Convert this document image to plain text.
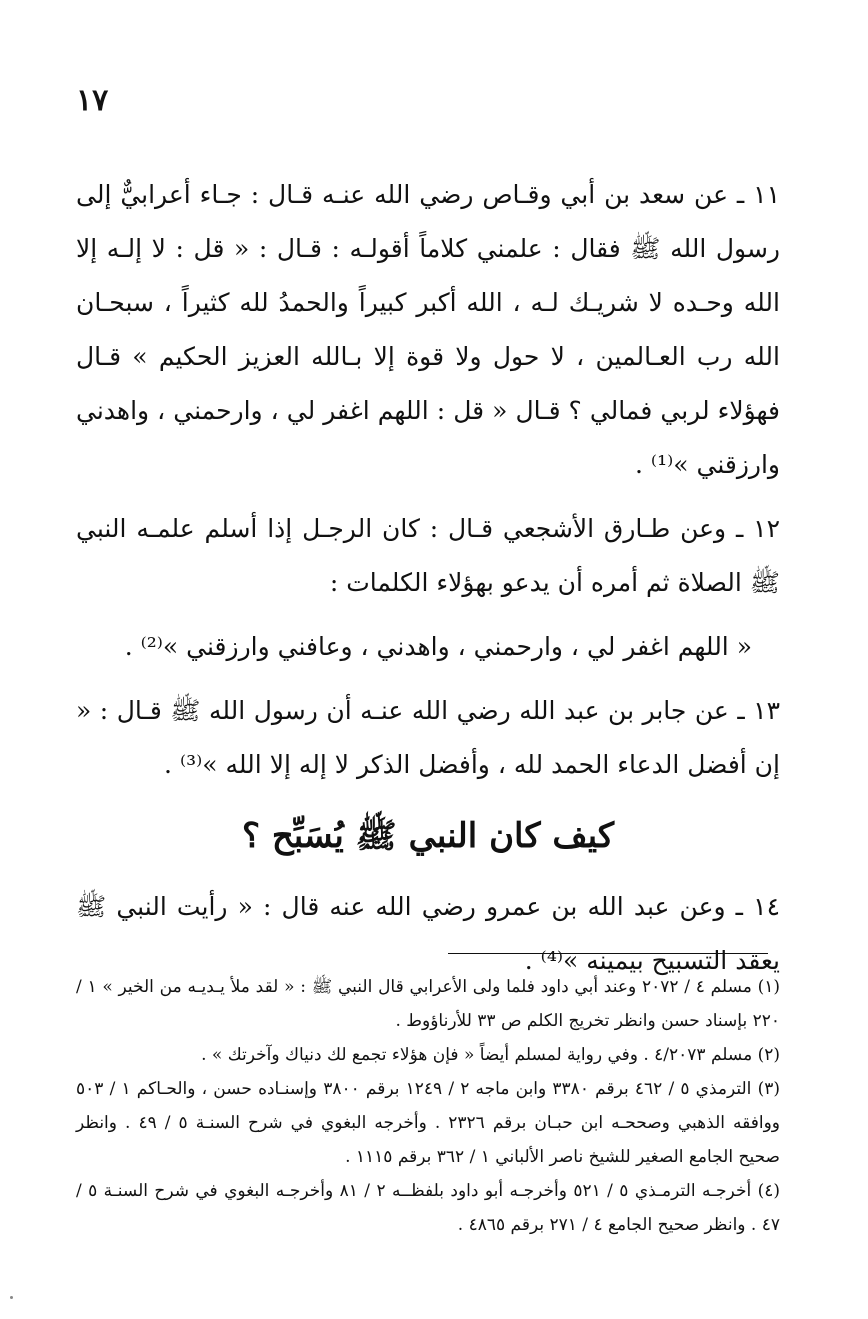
١٧

١١ ـ عن سعد بن أبي وقـاص رضي الله عنـه قـال : جـاء أعرابيٌّ إلى رسول الله ﷺ فقال : علمني كلاماً أقولـه : قـال : « قل : لا إلـه إلا الله وحـده لا شريـك لـه ، الله أكبر كبيراً والحمدُ لله كثيراً ، سبحـان الله رب العـالمين ، لا حول ولا قوة إلا بـالله العزيز الحكيم » قـال فهؤلاء لربي فمالي ؟ قـال « قل : اللهم اغفر لي ، وارحمني ، واهدني وارزقني »⁽¹⁾ .

١٢ ـ وعن طـارق الأشجعي قـال : كان الرجـل إذا أسلم علمـه النبي ﷺ الصلاة ثم أمره أن يدعو بهؤلاء الكلمات :

« اللهم اغفر لي ، وارحمني ، واهدني ، وعافني وارزقني »⁽²⁾ .

١٣ ـ عن جابر بن عبد الله رضي الله عنـه أن رسول الله ﷺ قـال : « إن أفضل الدعاء الحمد لله ، وأفضل الذكر لا إله إلا الله »⁽³⁾ .

كيف كان النبي ﷺ يُسَبِّح ؟

١٤ ـ وعن عبد الله بن عمرو رضي الله عنه قال : « رأيت النبي ﷺ يعقد التسبيح بيمينه »⁽⁴⁾ .

(١) مسلم ٤ / ٢٠٧٢ وعند أبي داود فلما ولى الأعرابي قال النبي ﷺ : « لقد ملأ يـديـه من الخير » ١ / ٢٢٠ بإسناد حسن وانظر تخريج الكلم ص ٣٣ للأرناؤوط .

(٢) مسلم ٤/٢٠٧٣ . وفي رواية لمسلم أيضاً « فإن هؤلاء تجمع لك دنياك وآخرتك » .

(٣) الترمذي ٥ / ٤٦٢ برقم ٣٣٨٠ وابن ماجه ٢ / ١٢٤٩ برقم ٣٨٠٠ وإسنـاده حسن ، والحـاكم ١ / ٥٠٣ ووافقه الذهبي وصححـه ابن حبـان برقم ٢٣٢٦ . وأخرجه البغوي في شرح السنـة ٥ / ٤٩ . وانظر صحيح الجامع الصغير للشيخ ناصر الألباني ١ / ٣٦٢ برقم ١١١٥ .

(٤) أخرجـه الترمـذي ٥ / ٥٢١ وأخرجـه أبو داود بلفظــه ٢ / ٨١ وأخرجـه البغوي في شرح السنـة ٥ / ٤٧ . وانظر صحيح الجامع ٤ / ٢٧١ برقم ٤٨٦٥ .
